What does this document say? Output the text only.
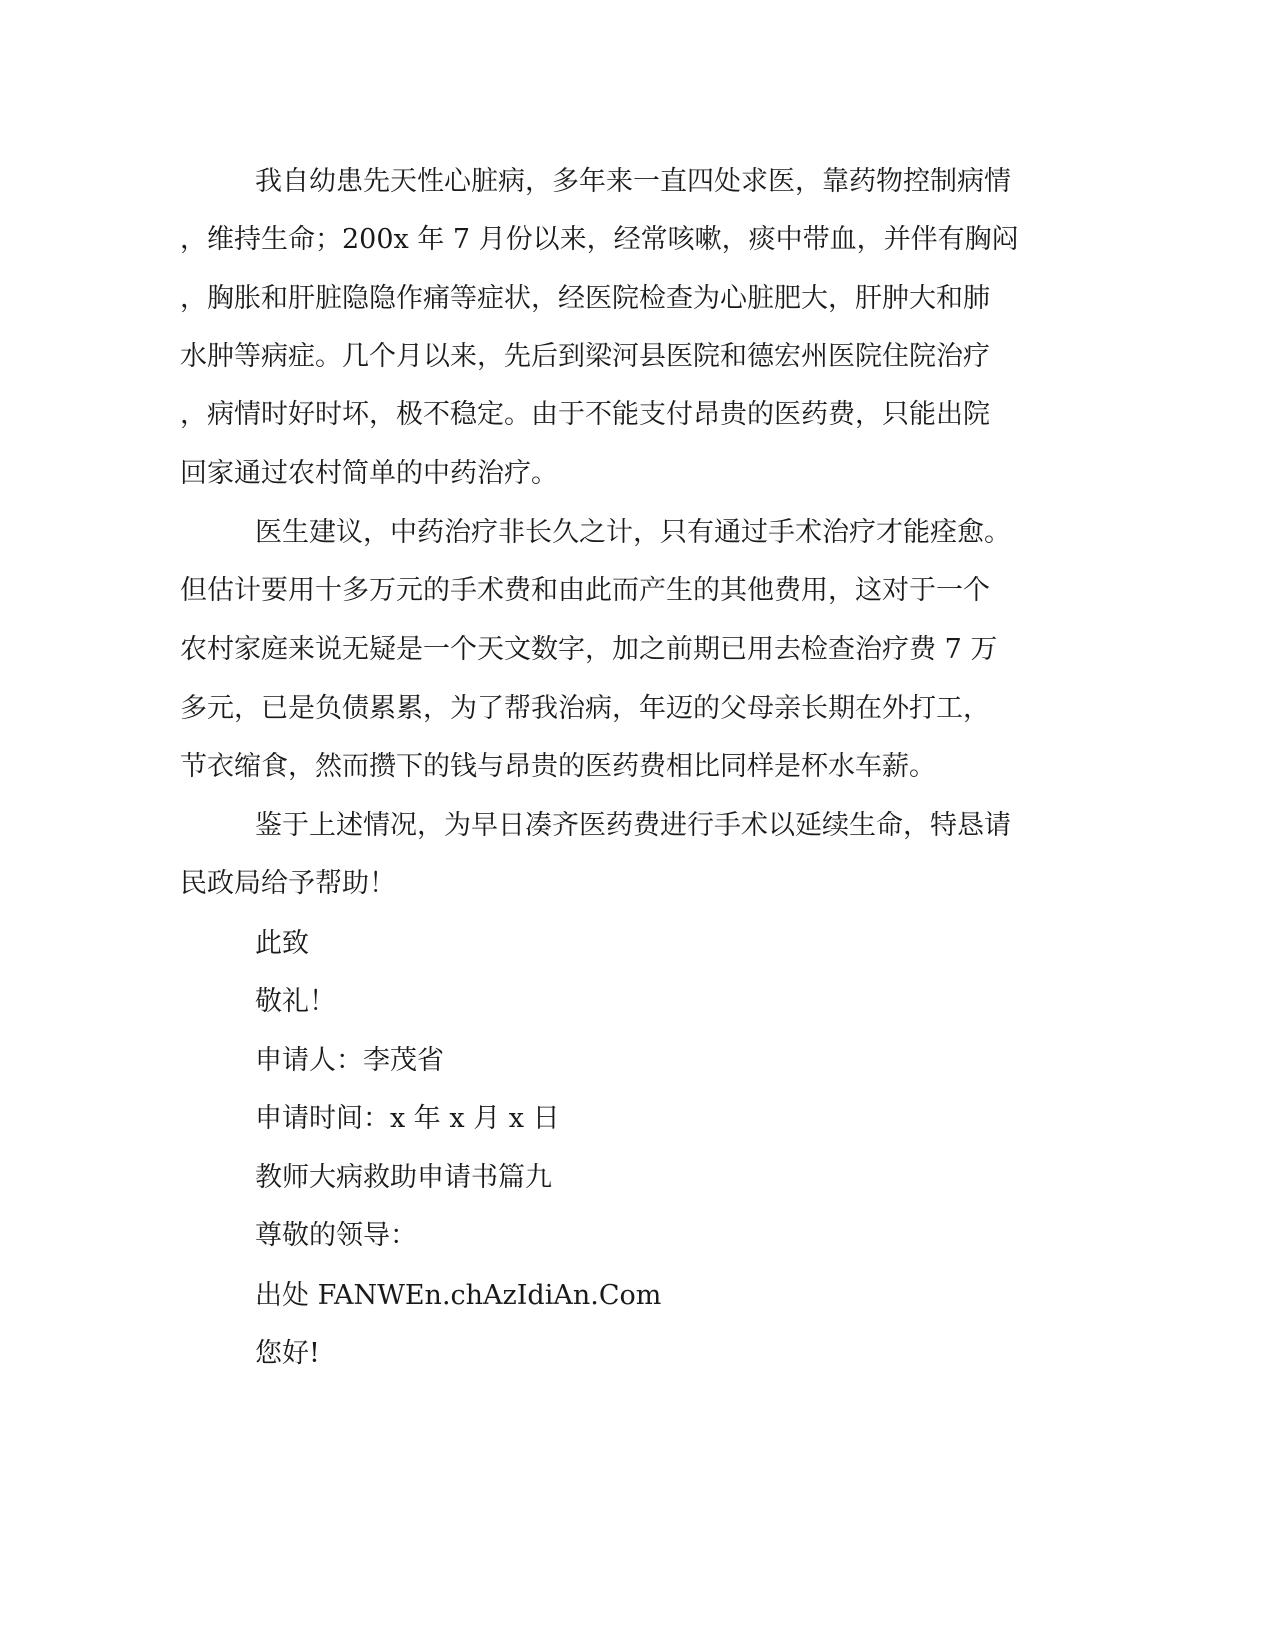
我自幼患先天性心脏病，多年来一直四处求医，靠药物控制病情
，维持生命；200x 年 7 月份以来，经常咳嗽，痰中带血，并伴有胸闷
，胸胀和肝脏隐隐作痛等症状，经医院检查为心脏肥大，肝肿大和肺
水肿等病症。几个月以来，先后到梁河县医院和德宏州医院住院治疗
，病情时好时坏，极不稳定。由于不能支付昂贵的医药费，只能出院
回家通过农村简单的中药治疗。
医生建议，中药治疗非长久之计，只有通过手术治疗才能痊愈。
但估计要用十多万元的手术费和由此而产生的其他费用，这对于一个
农村家庭来说无疑是一个天文数字，加之前期已用去检查治疗费 7 万
多元，已是负债累累，为了帮我治病，年迈的父母亲长期在外打工，
节衣缩食，然而攒下的钱与昂贵的医药费相比同样是杯水车薪。
鉴于上述情况，为早日凑齐医药费进行手术以延续生命，特恳请
民政局给予帮助！
此致
敬礼！
申请人：李茂省
申请时间：x 年 x 月 x 日
教师大病救助申请书篇九
尊敬的领导：
出处 FANWEn.chAzIdiAn.Com
您好!
